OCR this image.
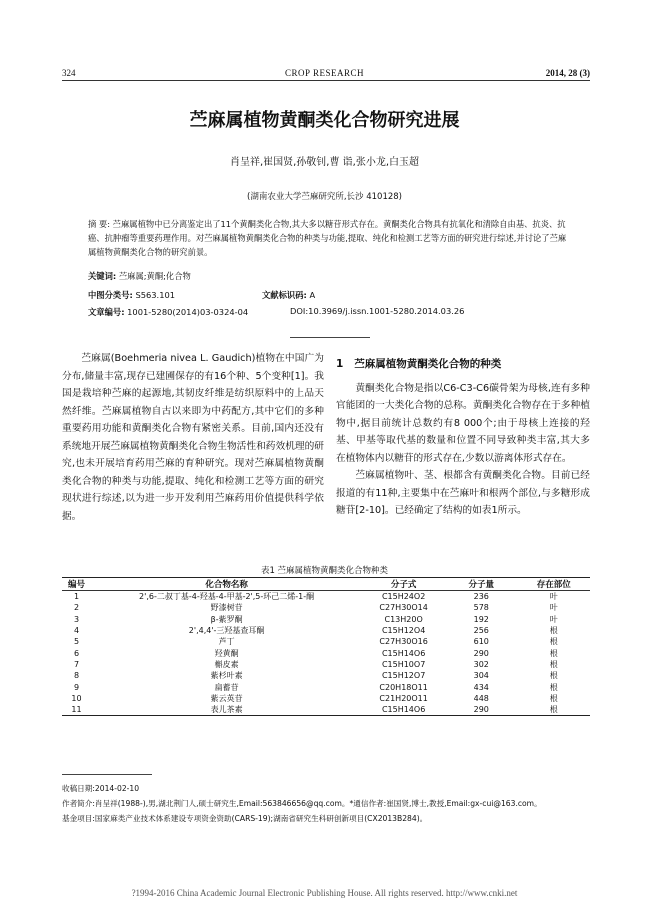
324	CROP RESEARCH	2014, 28 (3)
苎麻属植物黄酮类化合物研究进展
肖呈祥,崔国贤,孙敬钊,曹 诣,张小龙,白玉超
(湖南农业大学苎麻研究所,长沙 410128)
摘 要: 苎麻属植物中已分离鉴定出了11个黄酮类化合物,其大多以糖苷形式存在。黄酮类化合物具有抗氧化和清除自由基、抗炎、抗癌、抗肿瘤等重要药理作用。对苎麻属植物黄酮类化合物的种类与功能,提取、纯化和检测工艺等方面的研究进行综述,并讨论了苎麻属植物黄酮类化合物的研究前景。
关键词: 苎麻属;黄酮;化合物
中图分类号: S563.101	文献标识码: A
文章编号: 1001-5280(2014)03-0324-04	DOI:10.3969/j.issn.1001-5280.2014.03.26

苎麻属(Boehmeria nivea L. Gaudich)植物在中国广为分布,储量丰富,现存已建圃保存的有16个种、5个变种[1]。我国是栽培种苎麻的起源地,其韧皮纤维是纺织原料中的上品天然纤维。苎麻属植物自古以来即为中药配方,其中它们的多种重要药用功能和黄酮类化合物有紧密关系。目前,国内还没有系统地开展苎麻属植物黄酮类化合物生物活性和药效机理的研究,也未开展培育药用苎麻的育种研究。现对苎麻属植物黄酮类化合物的种类与功能,提取、纯化和检测工艺等方面的研究现状进行综述,以为进一步开发利用苎麻药用价值提供科学依据。

1 苎麻属植物黄酮类化合物的种类

黄酮类化合物是指以C6-C3-C6碳骨架为母核,连有多种官能团的一大类化合物的总称。黄酮类化合物存在于多种植物中,据目前统计总数约有8 000个;由于母核上连接的羟基、甲基等取代基的数量和位置不同导致种类丰富,其大多在植物体内以糖苷的形式存在,少数以游离体形式存在。

苎麻属植物叶、茎、根都含有黄酮类化合物。目前已经报道的有11种,主要集中在苎麻叶和根两个部位,与多糖形成糖苷[2-10]。已经确定了结构的如表1所示。

表1 苎麻属植物黄酮类化合物种类
编号	化合物名称	分子式	分子量	存在部位
1	2',6-二叔丁基-4-羟基-4-甲基-2',5-环己二烯-1-酮	C15H24O2	236	叶
2	野漆树苷	C27H30O14	578	叶
3	β-紫罗酮	C13H20O	192	叶
4	2',4,4'-三羟基查耳酮	C15H12O4	256	根
5	芦丁	C27H30O16	610	根
6	羟黄酮	C15H14O6	290	根
7	槲皮素	C15H10O7	302	根
8	紫杉叶素	C15H12O7	304	根
9	扁蓄苷	C20H18O11	434	根
10	紫云英苷	C21H20O11	448	根
11	表儿茶素	C15H14O6	290	根
收稿日期:2014-02-10
作者简介:肖呈祥(1988-),男,湖北荆门人,硕士研究生,Email:563846656@qq.com。*通信作者:崔国贤,博士,教授,Email:gx-cui@163.com。
基金项目:国家麻类产业技术体系建设专项资金资助(CARS-19);湖南省研究生科研创新项目(CX2013B284)。
?1994-2016 China Academic Journal Electronic Publishing House. All rights reserved. http://www.cnki.net
